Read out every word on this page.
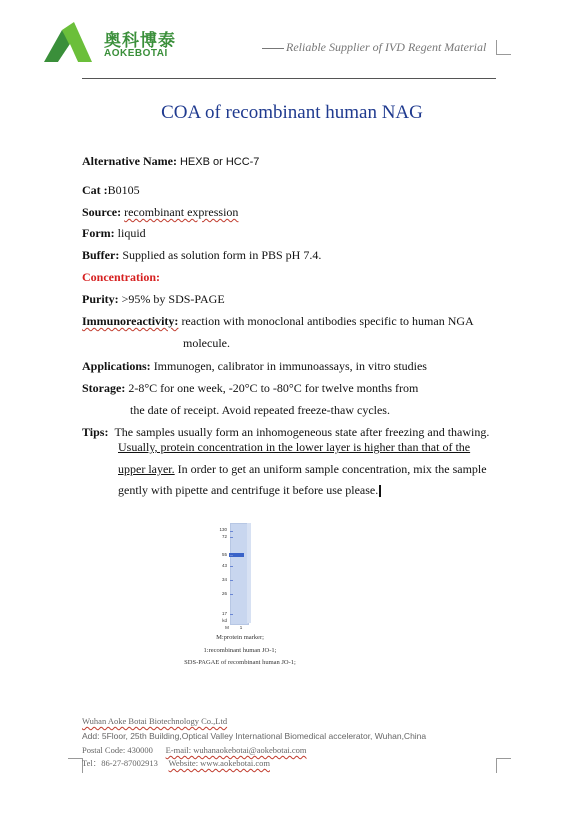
奥科博泰
AOKEBOTAI	Reliable Supplier of IVD Regent Material
COA of recombinant human NAG
Alternative Name: HEXB or HCC-7
Cat :B0105
Source: recombinant expression
Form: liquid
Buffer: Supplied as solution form in PBS pH 7.4.
Concentration:
Purity: >95% by SDS-PAGE
Immunoreactivity: reaction with monoclonal antibodies specific to human NGA
molecule.
Applications: Immunogen, calibrator in immunoassays, in vitro studies
Storage: 2-8°C for one week, -20°C to -80°C for twelve months from
the date of receipt. Avoid repeated freeze-thaw cycles.
Tips: The samples usually form an inhomogeneous state after freezing and thawing.
Usually, protein concentration in the lower layer is higher than that of the
upper layer. In order to get an uniform sample concentration, mix the sample
gently with pipette and centrifuge it before use please.
130
72
55
43
34
26
17
kd
M	1
M:protein marker;
1:recombinant human JO-1;
SDS-PAGAE of recombinant human JO-1;
Wuhan Aoke Botai Biotechnology Co.,Ltd
Add: 5Floor, 25th Building,Optical Valley International Biomedical accelerator, Wuhan,China
Postal Code: 430000 E-mail: wuhanaokebotai@aokebotai.com
Tel：86-27-87002913 Website: www.aokebotai.com
